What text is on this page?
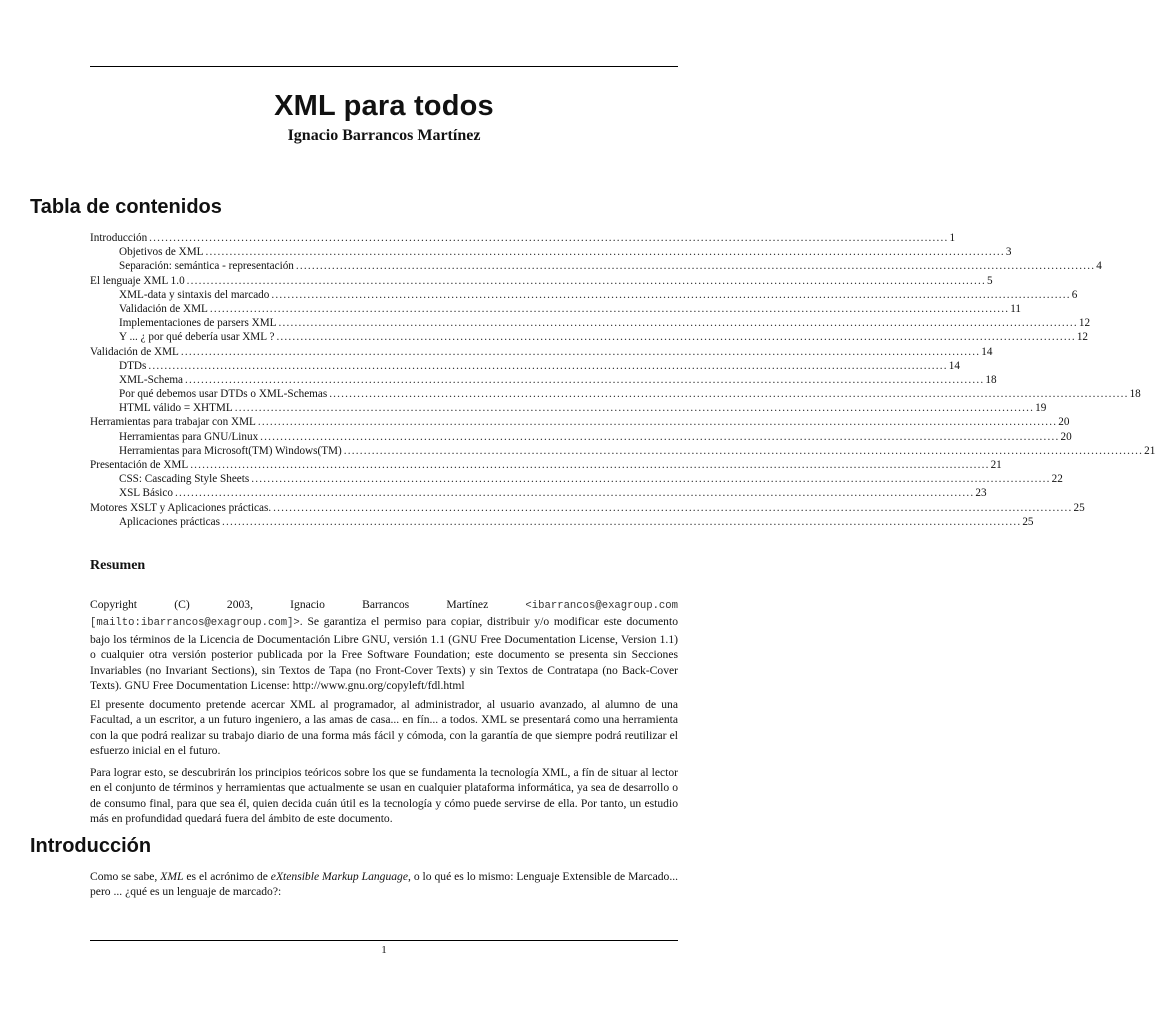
XML para todos
Ignacio Barrancos Martínez
Tabla de contenidos
Introducción ........................................................................................................................................................................................................ 1
Objetivos de XML ........................................................................................................................................................................................................ 3
Separación: semántica - representación ........................................................................................................................................................................................................ 4
El lenguaje XML 1.0 ........................................................................................................................................................................................................ 5
XML-data y sintaxis del marcado ........................................................................................................................................................................................................ 6
Validación de XML ........................................................................................................................................................................................................ 11
Implementaciones de parsers XML ........................................................................................................................................................................................................ 12
Y ... ¿ por qué debería usar XML ? ........................................................................................................................................................................................................ 12
Validación de XML ........................................................................................................................................................................................................ 14
DTDs ........................................................................................................................................................................................................ 14
XML-Schema ........................................................................................................................................................................................................ 18
Por qué debemos usar DTDs o XML-Schemas ........................................................................................................................................................................................................ 18
HTML válido = XHTML ........................................................................................................................................................................................................ 19
Herramientas para trabajar con XML ........................................................................................................................................................................................................ 20
Herramientas para GNU/Linux ........................................................................................................................................................................................................ 20
Herramientas para Microsoft(TM) Windows(TM) ........................................................................................................................................................................................................ 21
Presentación de XML ........................................................................................................................................................................................................ 21
CSS: Cascading Style Sheets ........................................................................................................................................................................................................ 22
XSL Básico ........................................................................................................................................................................................................ 23
Motores XSLT y Aplicaciones prácticas. ........................................................................................................................................................................................................ 25
Aplicaciones prácticas ........................................................................................................................................................................................................ 25
Resumen
Copyright (C) 2003, Ignacio Barrancos Martínez <ibarrancos@exagroup.com [mailto:ibarrancos@exagroup.com]>. Se garantiza el permiso para copiar, distribuir y/o modificar este documento bajo los términos de la Licencia de Documentación Libre GNU, versión 1.1 (GNU Free Documentation License, Version 1.1) o cualquier otra versión posterior publicada por la Free Software Foundation; este documento se presenta sin Secciones Invariables (no Invariant Sections), sin Textos de Tapa (no Front-Cover Texts) y sin Textos de Contratapa (no Back-Cover Texts). GNU Free Documentation License: http://www.gnu.org/copyleft/fdl.html
El presente documento pretende acercar XML al programador, al administrador, al usuario avanzado, al alumno de una Facultad, a un escritor, a un futuro ingeniero, a las amas de casa... en fín... a todos. XML se presentará como una herramienta con la que podrá realizar su trabajo diario de una forma más fácil y cómoda, con la garantía de que siempre podrá reutilizar el esfuerzo inicial en el futuro.
Para lograr esto, se descubrirán los principios teóricos sobre los que se fundamenta la tecnología XML, a fín de situar al lector en el conjunto de términos y herramientas que actualmente se usan en cualquier plataforma informática, ya sea de desarrollo o de consumo final, para que sea él, quien decida cuán útil es la tecnología y cómo puede servirse de ella. Por tanto, un estudio más en profundidad quedará fuera del ámbito de este documento.
Introducción
Como se sabe, XML es el acrónimo de eXtensible Markup Language, o lo qué es lo mismo: Lenguaje Extensible de Marcado... pero ... ¿qué es un lenguaje de marcado?:
1
